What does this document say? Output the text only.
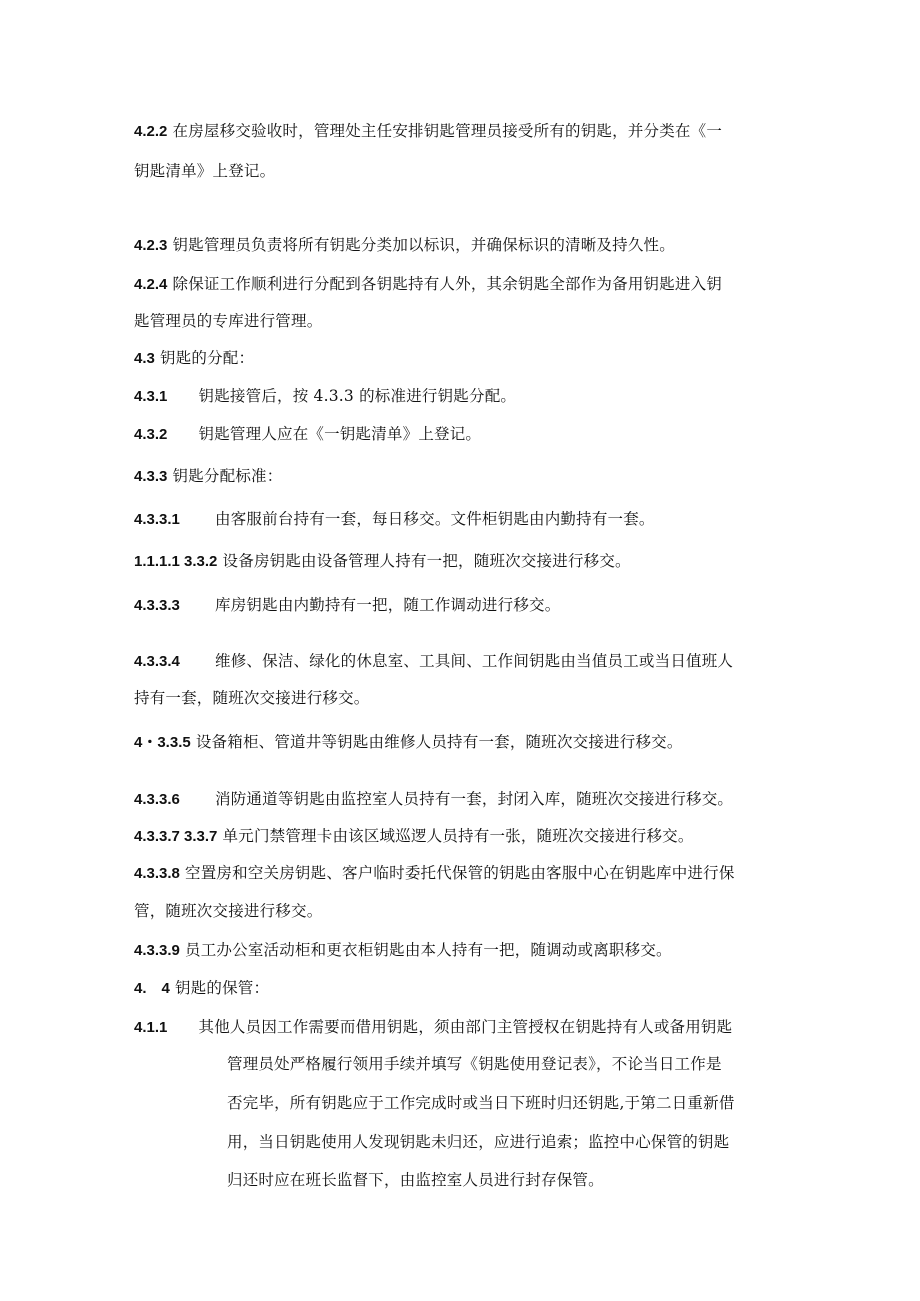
4.2.2 在房屋移交验收时，管理处主任安排钥匙管理员接受所有的钥匙，并分类在《一
钥匙清单》上登记。
4.2.3 钥匙管理员负责将所有钥匙分类加以标识，并确保标识的清晰及持久性。
4.2.4 除保证工作顺利进行分配到各钥匙持有人外，其余钥匙全部作为备用钥匙进入钥
匙管理员的专库进行管理。
4.3 钥匙的分配：
4.3.1 钥匙接管后，按 4.3.3 的标准进行钥匙分配。
4.3.2 钥匙管理人应在《一钥匙清单》上登记。
4.3.3 钥匙分配标准：
4.3.3.1 由客服前台持有一套，每日移交。文件柜钥匙由内勤持有一套。
1.1.1.1 3.3.2 设备房钥匙由设备管理人持有一把，随班次交接进行移交。
4.3.3.3 库房钥匙由内勤持有一把，随工作调动进行移交。
4.3.3.4 维修、保洁、绿化的休息室、工具间、工作间钥匙由当值员工或当日值班人
持有一套，随班次交接进行移交。
4・3.3.5 设备箱柜、管道井等钥匙由维修人员持有一套，随班次交接进行移交。
4.3.3.6 消防通道等钥匙由监控室人员持有一套，封闭入库，随班次交接进行移交。
4.3.3.7 3.3.7 单元门禁管理卡由该区域巡逻人员持有一张，随班次交接进行移交。
4.3.3.8 空置房和空关房钥匙、客户临时委托代保管的钥匙由客服中心在钥匙库中进行保
管，随班次交接进行移交。
4.3.3.9 员工办公室活动柜和更衣柜钥匙由本人持有一把，随调动或离职移交。
4.　4 钥匙的保管：
4.1.1 其他人员因工作需要而借用钥匙，须由部门主管授权在钥匙持有人或备用钥匙
管理员处严格履行领用手续并填写《钥匙使用登记表》，不论当日工作是
否完毕，所有钥匙应于工作完成时或当日下班时归还钥匙,于第二日重新借
用，当日钥匙使用人发现钥匙未归还，应进行追索；监控中心保管的钥匙
归还时应在班长监督下，由监控室人员进行封存保管。
